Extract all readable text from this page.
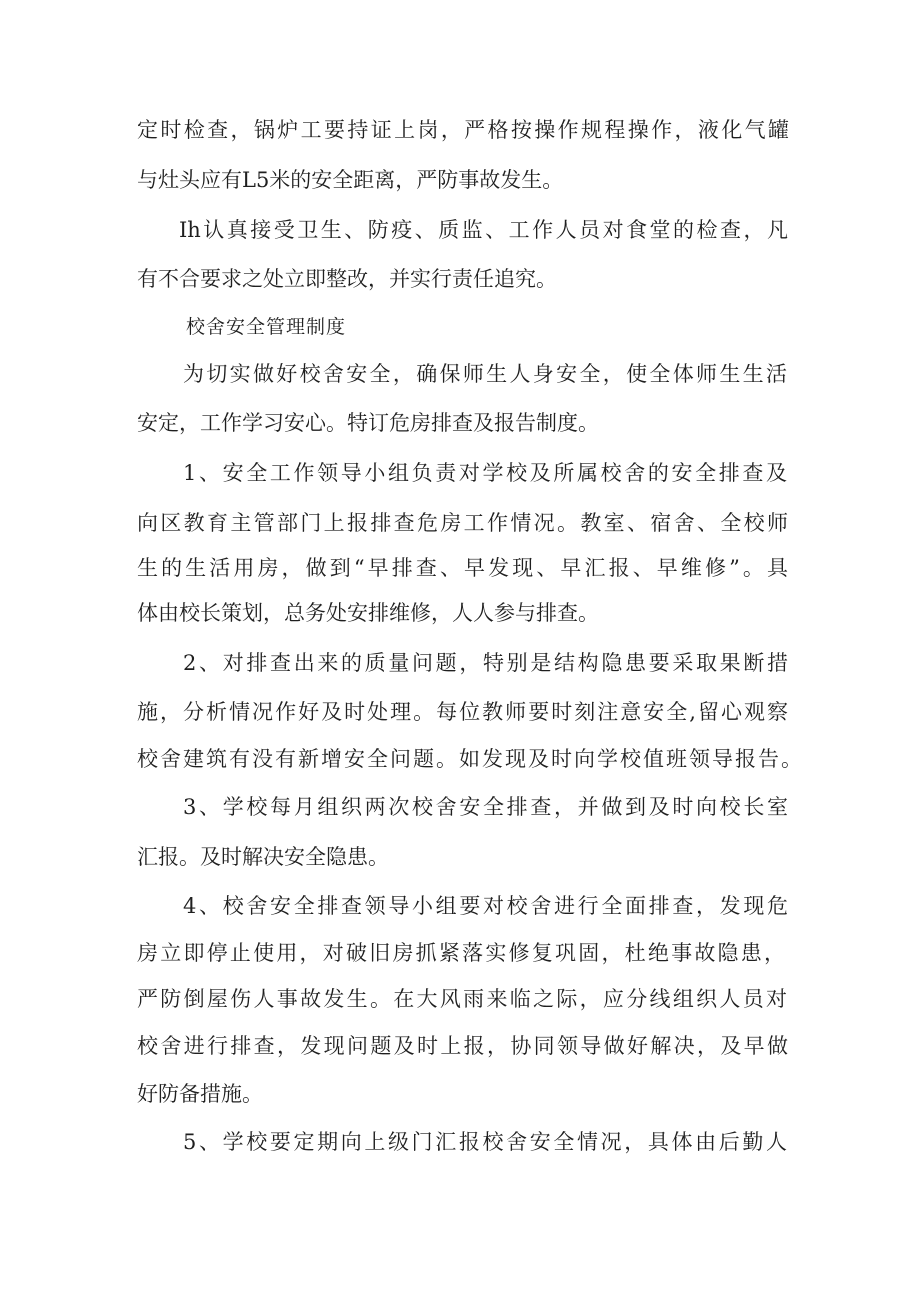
定时检查，锅炉工要持证上岗，严格按操作规程操作，液化气罐
与灶头应有L5米的安全距离，严防事故发生。
Ih认真接受卫生、防疫、质监、工作人员对食堂的检查，凡
有不合要求之处立即整改，并实行责任追究。
校舍安全管理制度
为切实做好校舍安全，确保师生人身安全，使全体师生生活
安定，工作学习安心。特订危房排查及报告制度。
1、安全工作领导小组负责对学校及所属校舍的安全排查及
向区教育主管部门上报排查危房工作情况。教室、宿舍、全校师
生的生活用房，做到“早排查、早发现、早汇报、早维修”。具
体由校长策划，总务处安排维修，人人参与排查。
2、对排查出来的质量问题，特别是结构隐患要采取果断措
施，分析情况作好及时处理。每位教师要时刻注意安全,留心观察
校舍建筑有没有新增安全问题。如发现及时向学校值班领导报告。
3、学校每月组织两次校舍安全排查，并做到及时向校长室
汇报。及时解决安全隐患。
4、校舍安全排查领导小组要对校舍进行全面排查，发现危
房立即停止使用，对破旧房抓紧落实修复巩固，杜绝事故隐患，
严防倒屋伤人事故发生。在大风雨来临之际，应分线组织人员对
校舍进行排查，发现问题及时上报，协同领导做好解决，及早做
好防备措施。
5、学校要定期向上级门汇报校舍安全情况，具体由后勤人
